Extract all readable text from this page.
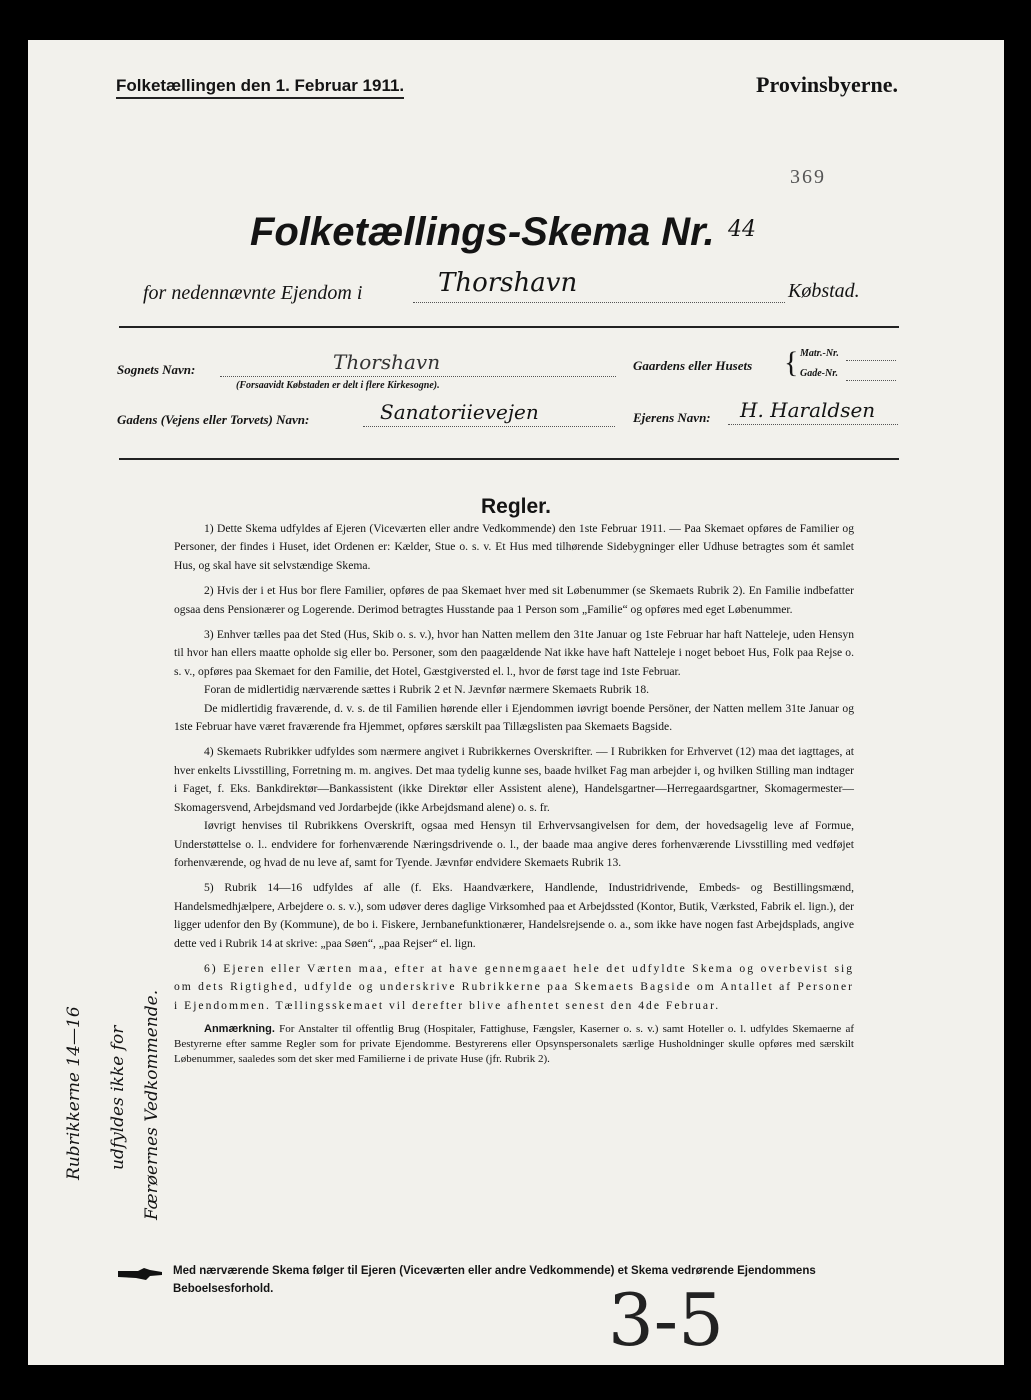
Folketællingen den 1. Februar 1911.	Provinsbyerne.
369
Folketællings-Skema Nr. 44
for nedennævnte Ejendom i	Thorshavn	Købstad.
Sognets Navn:	Thorshavn
(Forsaavidt Købstaden er delt i flere Kirkesogne).
Gaardens eller Husets { Matr.-Nr.
Gade-Nr.
Gadens (Vejens eller Torvets) Navn:	Sanatoriievejen	Ejerens Navn: H. Haraldsen
Regler.

1) Dette Skema udfyldes af Ejeren (Viceværten eller andre Vedkommende) den 1ste Februar 1911. — Paa Skemaet opføres de Familier og Personer, der findes i Huset, idet Ordenen er: Kælder, Stue o. s. v. Et Hus med tilhørende Sidebygninger eller Udhuse betragtes som ét samlet Hus, og skal have sit selvstændige Skema.

2) Hvis der i et Hus bor flere Familier, opføres de paa Skemaet hver med sit Løbenummer (se Skemaets Rubrik 2). En Familie indbefatter ogsaa dens Pensionærer og Logerende. Derimod betragtes Husstande paa 1 Person som „Familie“ og opføres med eget Løbenummer.

3) Enhver tælles paa det Sted (Hus, Skib o. s. v.), hvor han Natten mellem den 31te Januar og 1ste Februar har haft Natteleje, uden Hensyn til hvor han ellers maatte opholde sig eller bo. Personer, som den paagældende Nat ikke have haft Natteleje i noget beboet Hus, Folk paa Rejse o. s. v., opføres paa Skemaet for den Familie, det Hotel, Gæstgiversted el. l., hvor de først tage ind 1ste Februar.

Foran de midlertidig nærværende sættes i Rubrik 2 et N. Jævnfør nærmere Skemaets Rubrik 18.

De midlertidig fraværende, d. v. s. de til Familien hørende eller i Ejendommen iøvrigt boende Persöner, der Natten mellem 31te Januar og 1ste Februar have været fraværende fra Hjemmet, opføres særskilt paa Tillægslisten paa Skemaets Bagside.

4) Skemaets Rubrikker udfyldes som nærmere angivet i Rubrikkernes Overskrifter. — I Rubrikken for Erhvervet (12) maa det iagttages, at hver enkelts Livsstilling, Forretning m. m. angives. Det maa tydelig kunne ses, baade hvilket Fag man arbejder i, og hvilken Stilling man indtager i Faget, f. Eks. Bankdirektør—Bankassistent (ikke Direktør eller Assistent alene), Handelsgartner—Herregaardsgartner, Skomagermester—Skomagersvend, Arbejdsmand ved Jordarbejde (ikke Arbejdsmand alene) o. s. fr.

Iøvrigt henvises til Rubrikkens Overskrift, ogsaa med Hensyn til Erhvervsangivelsen for dem, der hovedsagelig leve af Formue, Understøttelse o. l.. endvidere for forhenværende Næringsdrivende o. l., der baade maa angive deres forhenværende Livsstilling med vedføjet forhenværende, og hvad de nu leve af, samt for Tyende. Jævnfør endvidere Skemaets Rubrik 13.

5) Rubrik 14—16 udfyldes af alle (f. Eks. Haandværkere, Handlende, Industridrivende, Embeds- og Bestillingsmænd, Handelsmedhjælpere, Arbejdere o. s. v.), som udøver deres daglige Virksomhed paa et Arbejdssted (Kontor, Butik, Værksted, Fabrik el. lign.), der ligger udenfor den By (Kommune), de bo i. Fiskere, Jernbanefunktionærer, Handelsrejsende o. a., som ikke have nogen fast Arbejdsplads, angive dette ved i Rubrik 14 at skrive: „paa Søen“, „paa Rejser“ el. lign.

6) Ejeren eller Værten maa, efter at have gennemgaaet hele det udfyldte Skema og overbevist sig om dets Rigtighed, udfylde og underskrive Rubrikkerne paa Skemaets Bagside om Antallet af Personer i Ejendommen. Tællingsskemaet vil derefter blive afhentet senest den 4de Februar.

Anmærkning. For Anstalter til offentlig Brug (Hospitaler, Fattighuse, Fængsler, Kaserner o. s. v.) samt Hoteller o. l. udfyldes Skemaerne af Bestyrerne efter samme Regler som for private Ejendomme. Bestyrerens eller Opsynspersonalets særlige Husholdninger skulle opføres med særskilt Løbenummer, saaledes som det sker med Familierne i de private Huse (jfr. Rubrik 2).

Rubrikkerne 14—16 udfyldes ikke for Færøernes Vedkommende.
Med nærværende Skema følger til Ejeren (Viceværten eller andre Vedkommende) et Skema vedrørende Ejendommens Beboelsesforhold.	3-5
